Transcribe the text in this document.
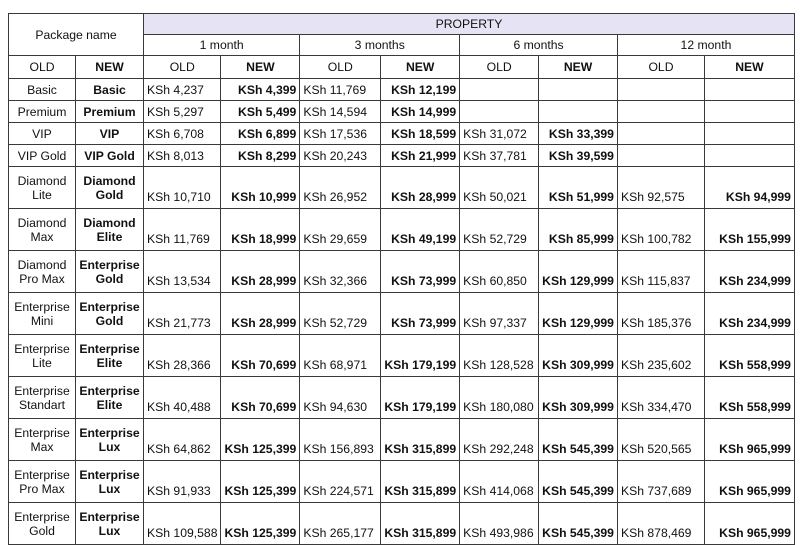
Package name		PROPERTY							
		1 month		3 months		6 months		12 month	
OLD	NEW	OLD	NEW	OLD	NEW	OLD	NEW	OLD	NEW
Basic	Basic	KSh 4,237	KSh 4,399	KSh 11,769	KSh 12,199				
Premium	Premium	KSh 5,297	KSh 5,499	KSh 14,594	KSh 14,999				
VIP	VIP	KSh 6,708	KSh 6,899	KSh 17,536	KSh 18,599	KSh 31,072	KSh 33,399		
VIP Gold	VIP Gold	KSh 8,013	KSh 8,299	KSh 20,243	KSh 21,999	KSh 37,781	KSh 39,599		
Diamond Lite	Diamond Gold	KSh 10,710	KSh 10,999	KSh 26,952	KSh 28,999	KSh 50,021	KSh 51,999	KSh 92,575	KSh 94,999
Diamond Max	Diamond Elite	KSh 11,769	KSh 18,999	KSh 29,659	KSh 49,199	KSh 52,729	KSh 85,999	KSh 100,782	KSh 155,999
Diamond Pro Max	Enterprise Gold	KSh 13,534	KSh 28,999	KSh 32,366	KSh 73,999	KSh 60,850	KSh 129,999	KSh 115,837	KSh 234,999
Enterprise Mini	Enterprise Gold	KSh 21,773	KSh 28,999	KSh 52,729	KSh 73,999	KSh 97,337	KSh 129,999	KSh 185,376	KSh 234,999
Enterprise Lite	Enterprise Elite	KSh 28,366	KSh 70,699	KSh 68,971	KSh 179,199	KSh 128,528	KSh 309,999	KSh 235,602	KSh 558,999
Enterprise Standart	Enterprise Elite	KSh 40,488	KSh 70,699	KSh 94,630	KSh 179,199	KSh 180,080	KSh 309,999	KSh 334,470	KSh 558,999
Enterprise Max	Enterprise Lux	KSh 64,862	KSh 125,399	KSh 156,893	KSh 315,899	KSh 292,248	KSh 545,399	KSh 520,565	KSh 965,999
Enterprise Pro Max	Enterprise Lux	KSh 91,933	KSh 125,399	KSh 224,571	KSh 315,899	KSh 414,068	KSh 545,399	KSh 737,689	KSh 965,999
Enterprise Gold	Enterprise Lux	KSh 109,588	KSh 125,399	KSh 265,177	KSh 315,899	KSh 493,986	KSh 545,399	KSh 878,469	KSh 965,999
